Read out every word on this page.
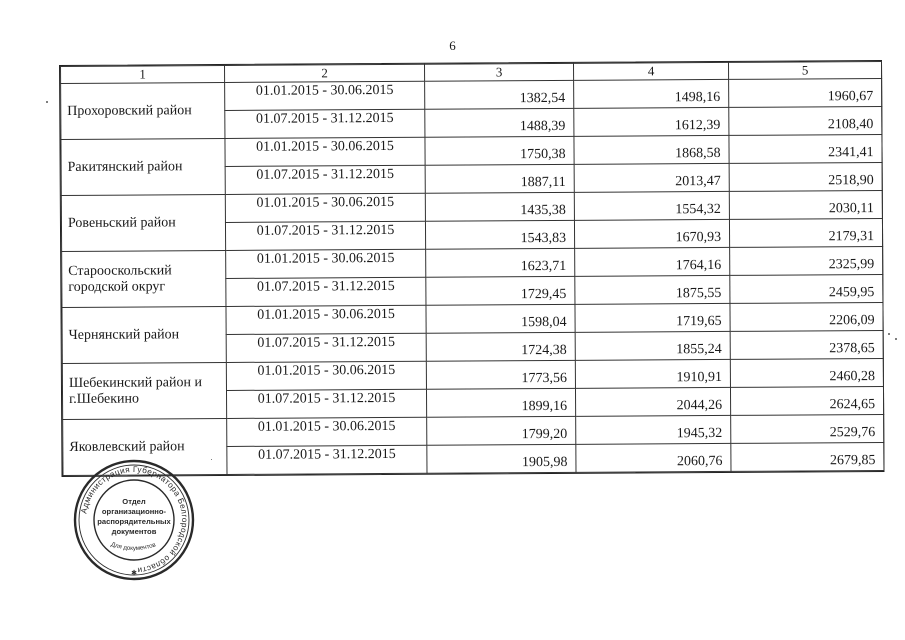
6
1	2	3	4	5
Прохоровский район	01.01.2015 - 30.06.2015	1382,54	1498,16	1960,67
	01.07.2015 - 31.12.2015	1488,39	1612,39	2108,40
Ракитянский район	01.01.2015 - 30.06.2015	1750,38	1868,58	2341,41
	01.07.2015 - 31.12.2015	1887,11	2013,47	2518,90
Ровеньский район	01.01.2015 - 30.06.2015	1435,38	1554,32	2030,11
	01.07.2015 - 31.12.2015	1543,83	1670,93	2179,31
Старооскольский городской округ	01.01.2015 - 30.06.2015	1623,71	1764,16	2325,99
	01.07.2015 - 31.12.2015	1729,45	1875,55	2459,95
Чернянский район	01.01.2015 - 30.06.2015	1598,04	1719,65	2206,09
	01.07.2015 - 31.12.2015	1724,38	1855,24	2378,65
Шебекинский район и г.Шебекино	01.01.2015 - 30.06.2015	1773,56	1910,91	2460,28
	01.07.2015 - 31.12.2015	1899,16	2044,26	2624,65
Яковлевский район	01.01.2015 - 30.06.2015	1799,20	1945,32	2529,76
	01.07.2015 - 31.12.2015	1905,98	2060,76	2679,85
Администрация Губернатора Белгородской области
Отдел
организационно-
распорядительных
документов
Для документов
✱
